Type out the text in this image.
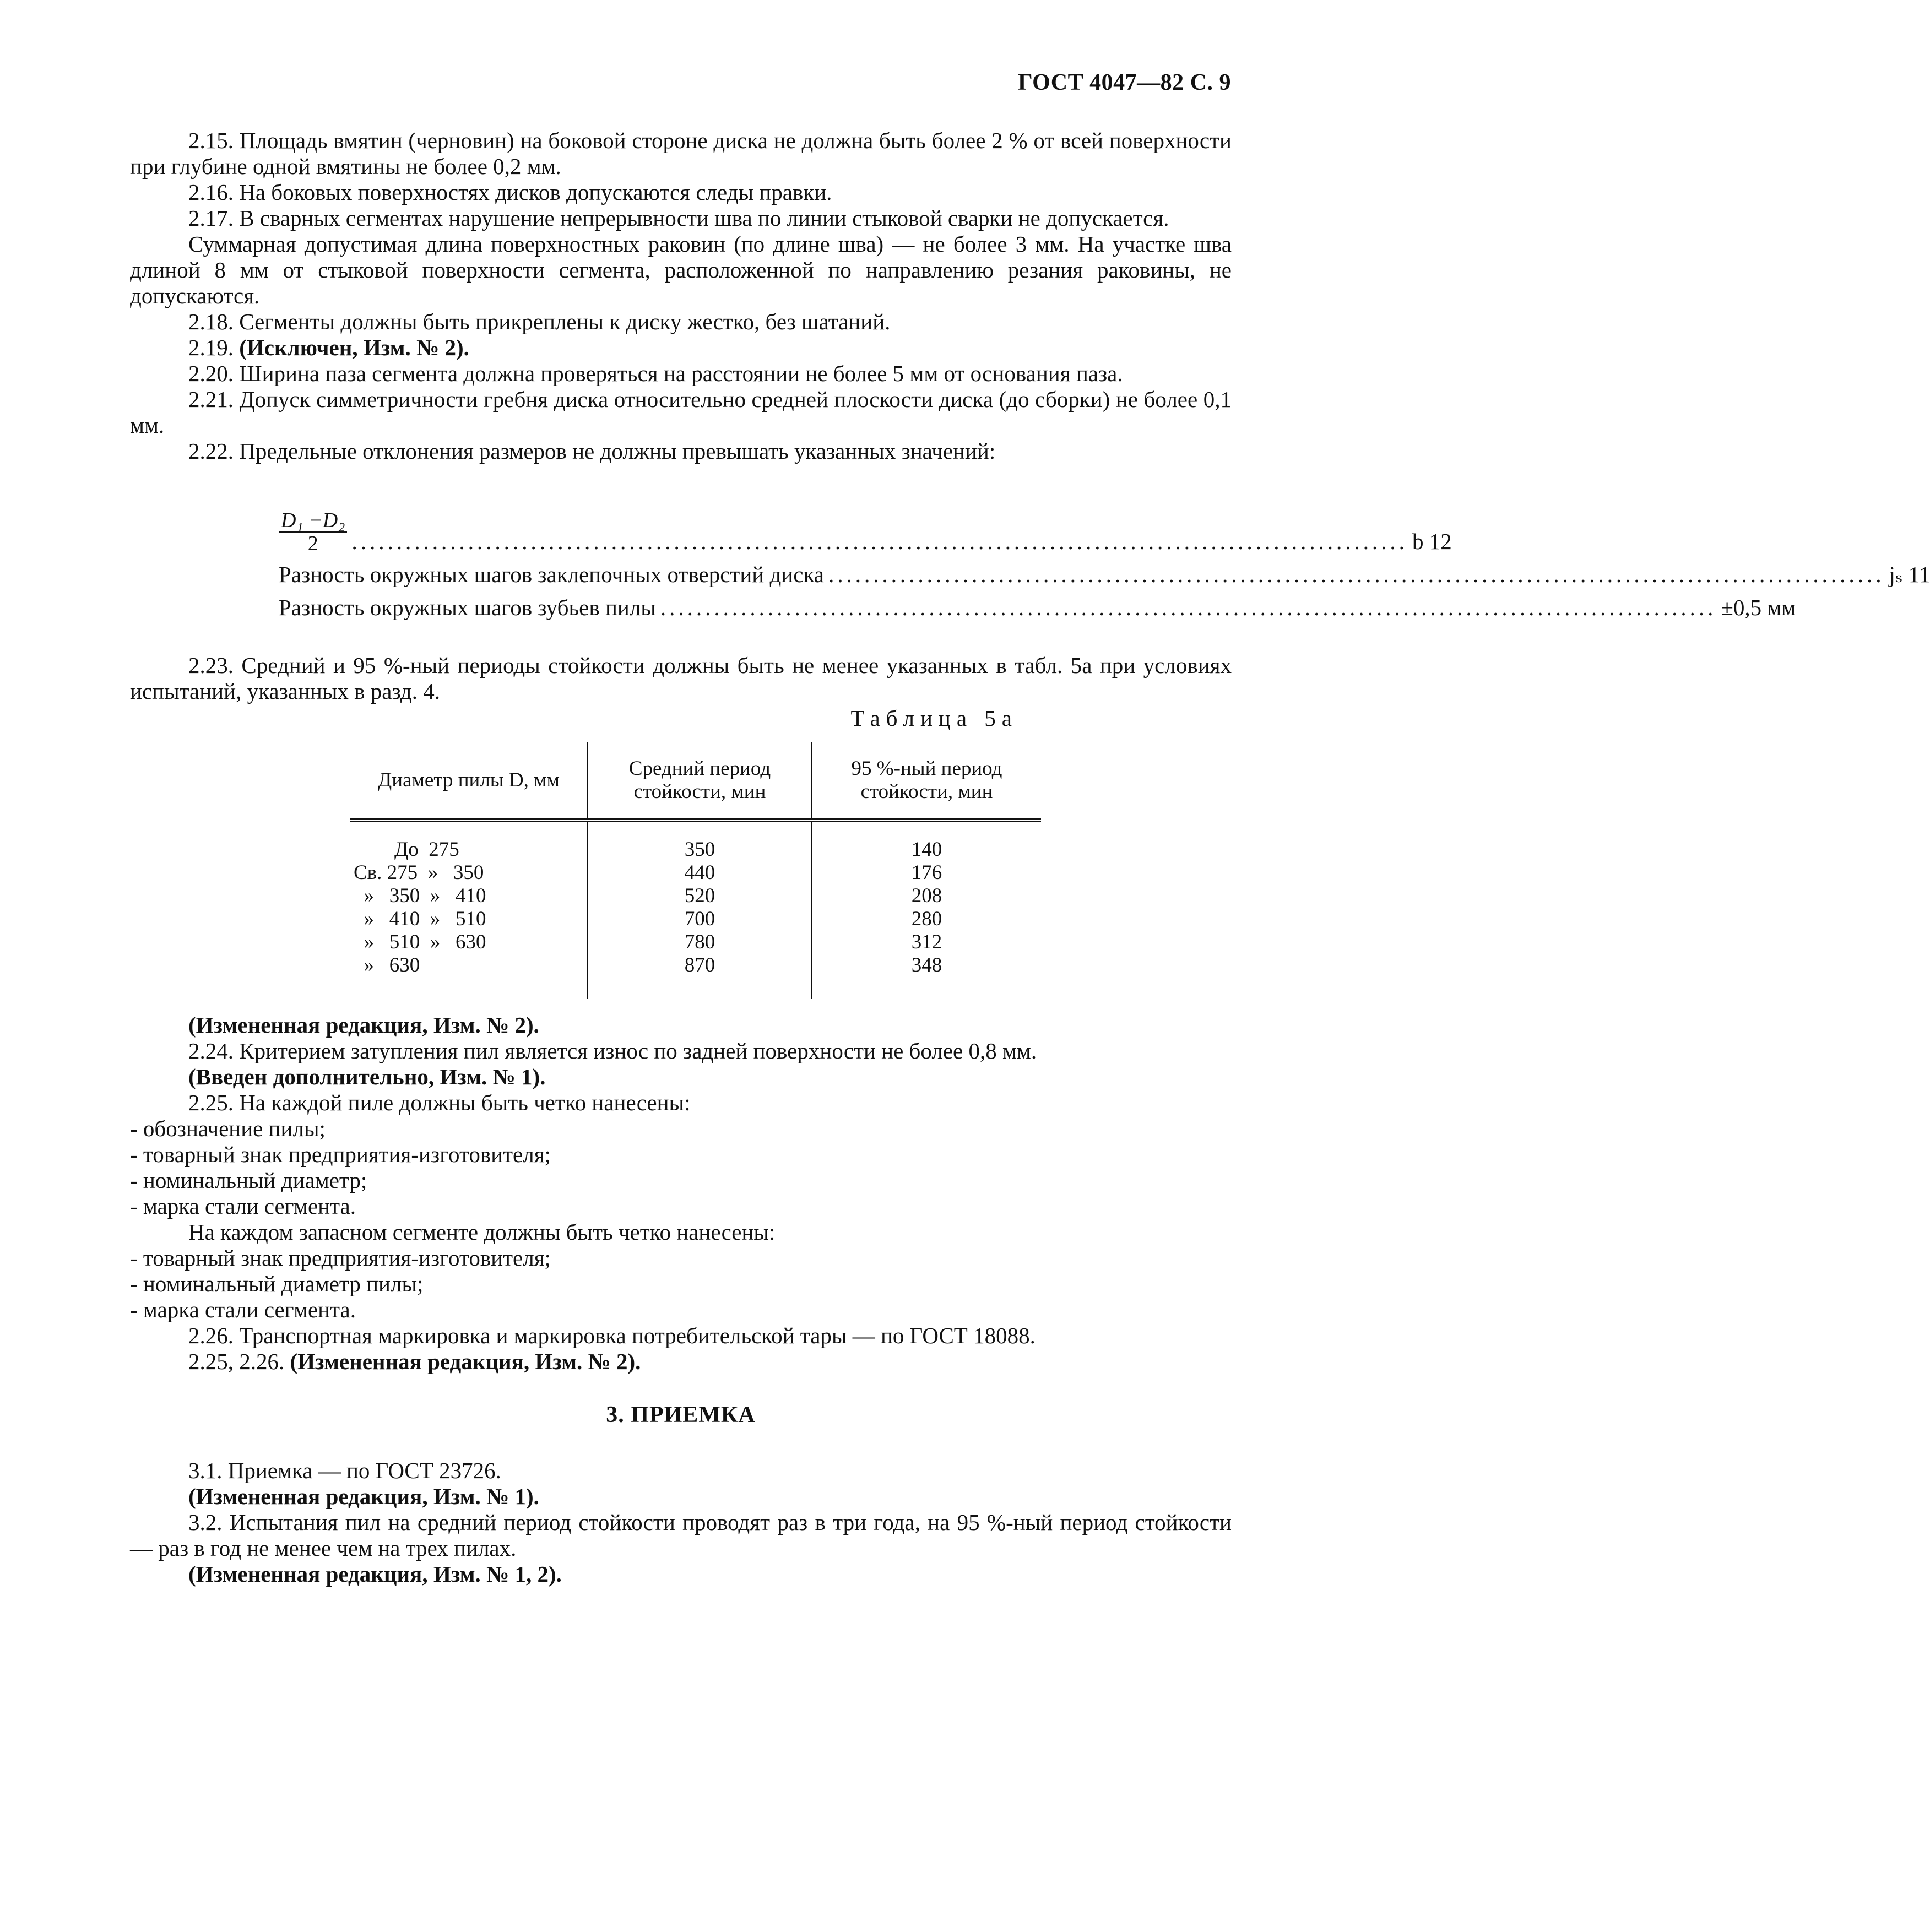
ГОСТ 4047—82 С. 9

2.15. Площадь вмятин (черновин) на боковой стороне диска не должна быть более 2 % от всей поверхности при глубине одной вмятины не более 0,2 мм.

2.16. На боковых поверхностях дисков допускаются следы правки.

2.17. В сварных сегментах нарушение непрерывности шва по линии стыковой сварки не допускается.

Суммарная допустимая длина поверхностных раковин (по длине шва) — не более 3 мм. На участке шва длиной 8 мм от стыковой поверхности сегмента, расположенной по направлению резания раковины, не допускаются.

2.18. Сегменты должны быть прикреплены к диску жестко, без шатаний.

2.19. (Исключен, Изм. № 2).

2.20. Ширина паза сегмента должна проверяться на расстоянии не более 5 мм от основания паза.

2.21. Допуск симметричности гребня диска относительно средней плоскости диска (до сборки) не более 0,1 мм.

2.22. Предельные отклонения размеров не должны превышать указанных значений:

$\frac{\text{D₁ −D₂}}{2}$ ...................................................................................................................... b 12
Разность окружных шагов заклепочных отверстий диска ...................................................................................................................... jₛ 11
Разность окружных шагов зубьев пилы ...................................................................................................................... ±0,5 мм

2.23. Средний и 95 %-ный периоды стойкости должны быть не менее указанных в табл. 5а при условиях испытаний, указанных в разд. 4.

Таблица 5а
Диаметр пилы D, мм	Средний период стойкости, мин	95 %-ный период стойкости, мин
До  275	350	140
Св. 275  »   350	440	176
»   350  »   410	520	208
»   410  »   510	700	280
»   510  »   630	780	312
»   630	870	348

(Измененная редакция, Изм. № 2).

2.24. Критерием затупления пил является износ по задней поверхности не более 0,8 мм.

(Введен дополнительно, Изм. № 1).

2.25. На каждой пиле должны быть четко нанесены:

- обозначение пилы;

- товарный знак предприятия-изготовителя;

- номинальный диаметр;

- марка стали сегмента.

На каждом запасном сегменте должны быть четко нанесены:

- товарный знак предприятия-изготовителя;

- номинальный диаметр пилы;

- марка стали сегмента.

2.26. Транспортная маркировка и маркировка потребительской тары — по ГОСТ 18088.

2.25, 2.26. (Измененная редакция, Изм. № 2).

3. ПРИЕМКА

3.1. Приемка — по ГОСТ 23726.

(Измененная редакция, Изм. № 1).

3.2. Испытания пил на средний период стойкости проводят раз в три года, на 95 %-ный период стойкости — раз в год не менее чем на трех пилах.

(Измененная редакция, Изм. № 1, 2).
